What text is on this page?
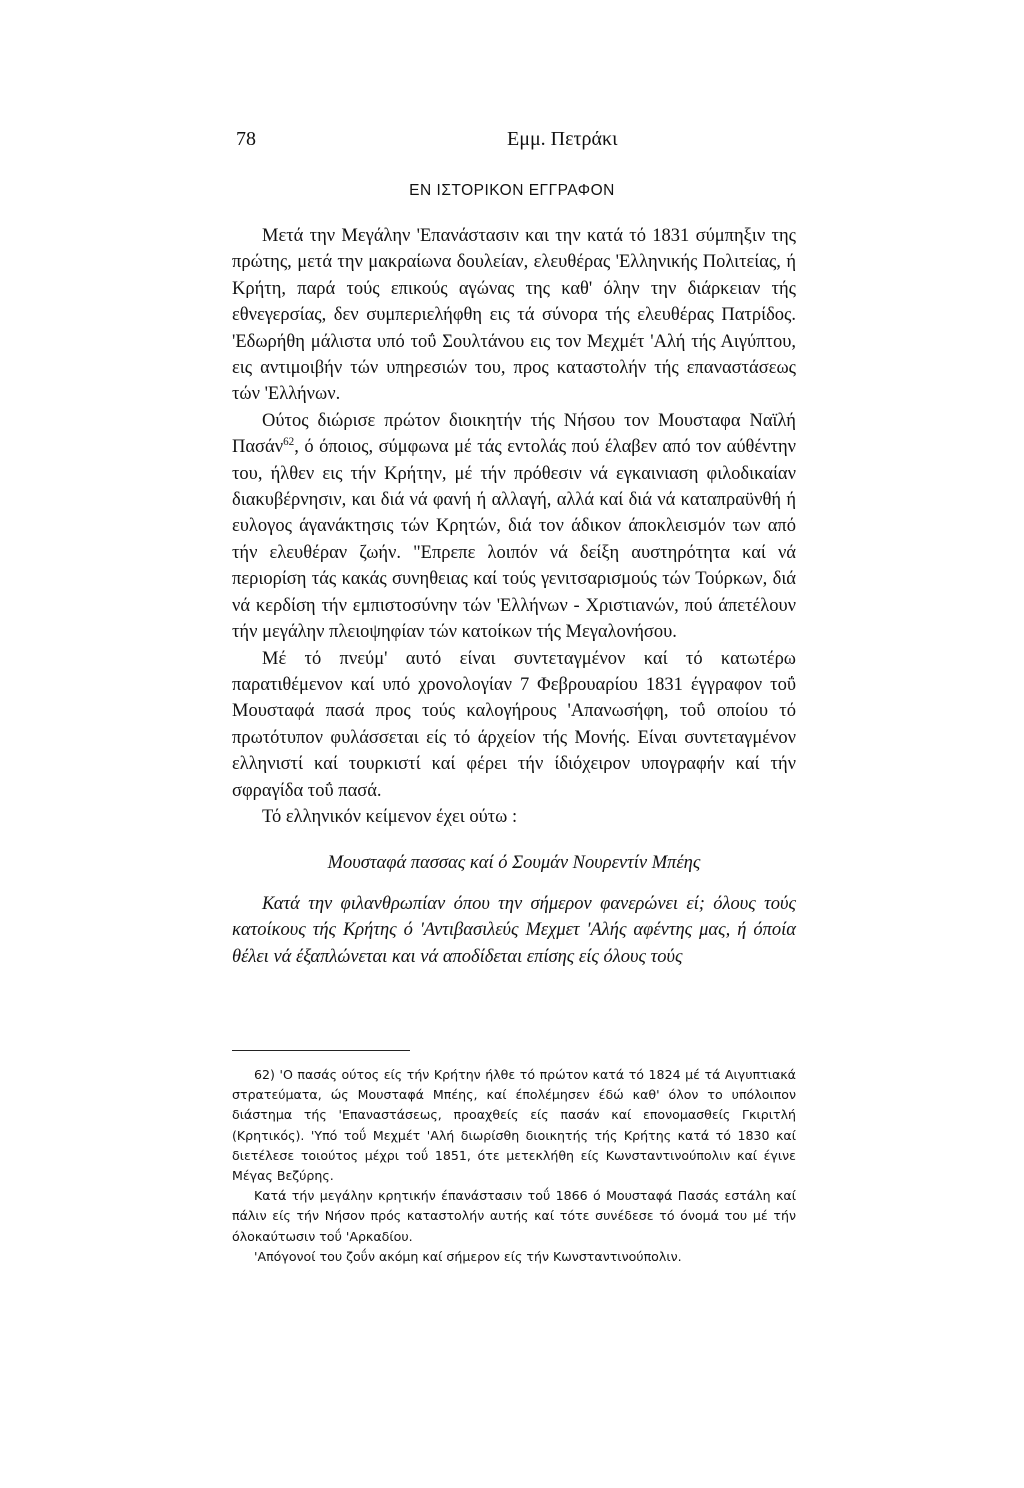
78	Εμμ. Πετράκι
ΕΝ ΙΣΤΟΡΙΚΟΝ ΕΓΓΡΑΦΟΝ

Μετά την Μεγάλην 'Επανάστασιν και την κατά τό 1831 σύμπηξιν της πρώτης, μετά την μακραίωνα δουλείαν, ελευθέρας 'Ελληνικής Πολιτείας, ή Κρήτη, παρά τούς επικούς αγώνας της καθ' όλην την διάρκειαν τής εθνεγερσίας, δεν συμπεριελήφθη εις τά σύνορα τής ελευθέρας Πατρίδος. 'Εδωρήθη μάλιστα υπό τοΰ Σουλτάνου εις τον Μεχμέτ 'Αλή τής Αιγύπτου, εις αντιμοιβήν τών υπηρεσιών του, προς καταστολήν τής επαναστάσεως τών 'Ελλήνων.

Ούτος διώρισε πρώτον διοικητήν τής Νήσου τον Μουσταφα Ναϊλή Πασάν$^{62}$, ό όποιος, σύμφωνα μέ τάς εντολάς πού έλαβεν από τον αύθέντην του, ήλθεν εις τήν Κρήτην, μέ τήν πρόθεσιν νά εγκαινιαση φιλοδικαίαν διακυβέρνησιν, και διά νά φανή ή αλλαγή, αλλά καί διά νά καταπραϋνθή ή ευλογος άγανάκτησις τών Κρητών, διά τον άδικον άποκλεισμόν των από τήν ελευθέραν ζωήν. "Επρεπε λοιπόν νά δείξη αυστηρότητα καί νά περιορίση τάς κακάς συνηθειας καί τούς γενιτσαρισμούς τών Τούρκων, διά νά κερδίση τήν εμπιστοσύνην τών 'Ελλήνων - Χριστιανών, πού άπετέλουν τήν μεγάλην πλειοψηφίαν τών κατοίκων τής Μεγαλονήσου.

Μέ τό πνεύμ' αυτό είναι συντεταγμένον καί τό κατωτέρω παρατιθέμενον καί υπό χρονολογίαν 7 Φεβρουαρίου 1831 έγγραφον τοΰ Μουσταφά πασά προς τούς καλογήρους 'Απανωσήφη, τοΰ οποίου τό πρωτότυπον φυλάσσεται είς τό άρχείον τής Μονής. Είναι συντεταγμένον ελληνιστί καί τουρκιστί καί φέρει τήν ίδιόχειρον υπογραφήν καί τήν σφραγίδα τοΰ πασά.

Τό ελληνικόν κείμενον έχει ούτω :

Μουσταφά πασσας καί ό Σουμάν Νουρεντίν Μπέης

Κατά την φιλανθρωπίαν όπου την σήμερον φανερώνει εί; όλους τούς κατοίκους τής Κρήτης ό 'Αντιβασιλεύς Μεχμετ 'Αλής αφέντης μας, ή όποία θέλει νά έξαπλώνεται και νά αποδίδεται επίσης είς όλους τούς

62) 'Ο πασάς ούτος είς τήν Κρήτην ήλθε τό πρώτον κατά τό 1824 μέ τά Αιγυπτιακά στρατεύματα, ώς Μουσταφά Μπέης, καί έπολέμησεν έδώ καθ' όλον το υπόλοιπον διάστημα τής 'Επαναστάσεως, προαχθείς είς πασάν καί επονομασθείς Γκιριτλή (Κρητικός). 'Υπό τοΰ Μεχμέτ 'Αλή διωρίσθη διοικητής τής Κρήτης κατά τό 1830 καί διετέλεσε τοιούτος μέχρι τοΰ 1851, ότε μετεκλήθη είς Κωνσταντινούπολιν καί έγινε Μέγας Βεζύρης.

Κατά τήν μεγάλην κρητικήν έπανάστασιν τοΰ 1866 ό Μουσταφά Πασάς εστάλη καί πάλιν είς τήν Νήσον πρός καταστολήν αυτής καί τότε συνέδεσε τό όνομά του μέ τήν όλοκαύτωσιν τοΰ 'Αρκαδίου.

'Απόγονοί του ζοΰν ακόμη καί σήμερον είς τήν Κωνσταντινούπολιν.
